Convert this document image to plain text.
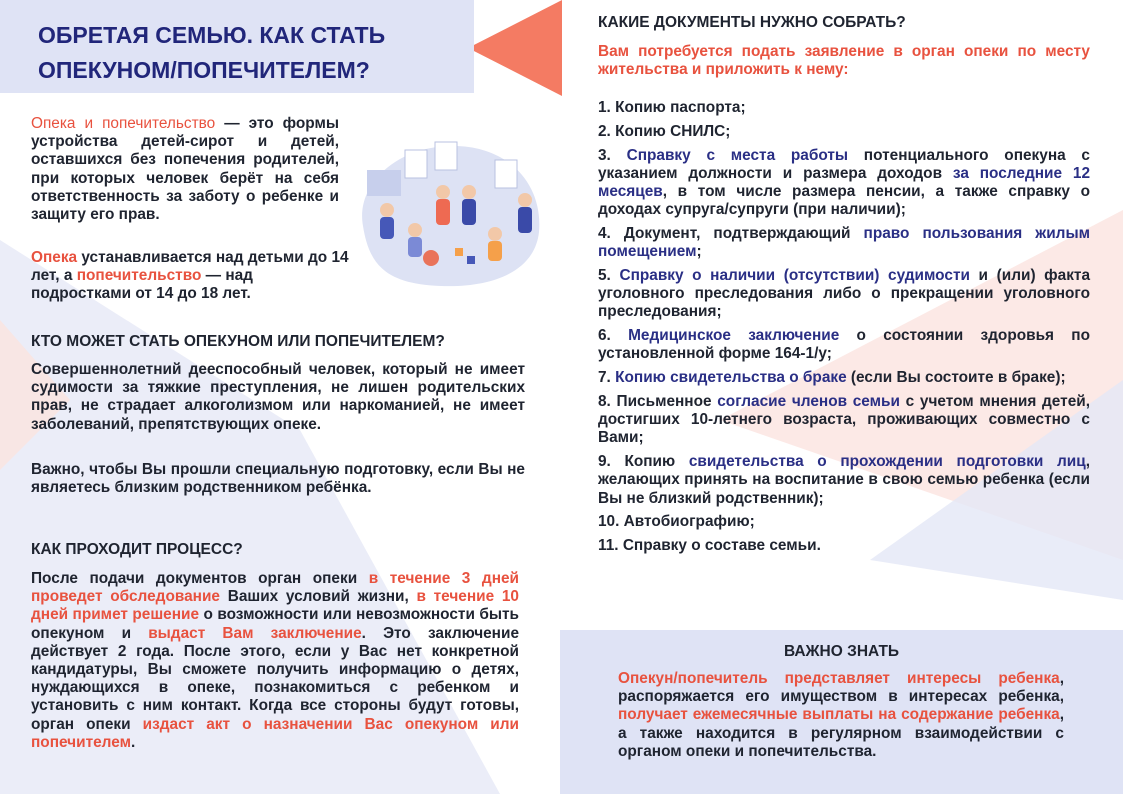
ОБРЕТАЯ СЕМЬЮ. КАК СТАТЬ
ОПЕКУНОМ/ПОПЕЧИТЕЛЕМ?

Опека и попечительство — это формы устройства детей-сирот и детей, оставшихся без попечения родителей, при которых человек берёт на себя ответственность за заботу о ребенке и защиту его прав.

Опека устанавливается над детьми до 14 лет, а попечительство — над подростками от 14 до 18 лет.

КТО МОЖЕТ СТАТЬ ОПЕКУНОМ ИЛИ ПОПЕЧИТЕЛЕМ?

Совершеннолетний дееспособный человек, который не имеет судимости за тяжкие преступления, не лишен родительских прав, не страдает алкоголизмом или наркоманией, не имеет заболеваний, препятствующих опеке.

Важно, чтобы Вы прошли специальную подготовку, если Вы не являетесь близким родственником ребёнка.

КАК ПРОХОДИТ ПРОЦЕСС?

После подачи документов орган опеки в течение 3 дней проведет обследование Ваших условий жизни, в течение 10 дней примет решение о возможности или невозможности быть опекуном и выдаст Вам заключение. Это заключение действует 2 года. После этого, если у Вас нет конкретной кандидатуры, Вы сможете получить информацию о детях, нуждающихся в опеке, познакомиться с ребенком и установить с ним контакт. Когда все стороны будут готовы, орган опеки издаст акт о назначении Вас опекуном или попечителем.

КАКИЕ ДОКУМЕНТЫ НУЖНО СОБРАТЬ?

Вам потребуется подать заявление в орган опеки по месту жительства и приложить к нему:

1. Копию паспорта;
2. Копию СНИЛС;
3. Справку с места работы потенциального опекуна с указанием должности и размера доходов за последние 12 месяцев, в том числе размера пенсии, а также справку о доходах супруга/супруги (при наличии);
4. Документ, подтверждающий право пользования жилым помещением;
5. Справку о наличии (отсутствии) судимости и (или) факта уголовного преследования либо о прекращении уголовного преследования;
6. Медицинское заключение о состоянии здоровья по установленной форме 164-1/у;
7. Копию свидетельства о браке (если Вы состоите в браке);
8. Письменное согласие членов семьи с учетом мнения детей, достигших 10-летнего возраста, проживающих совместно с Вами;
9. Копию свидетельства о прохождении подготовки лиц, желающих принять на воспитание в свою семью ребенка (если Вы не близкий родственник);
10. Автобиографию;
11. Справку о составе семьи.
ВАЖНО ЗНАТЬ

Опекун/попечитель представляет интересы ребенка, распоряжается его имуществом в интересах ребенка, получает ежемесячные выплаты на содержание ребенка, а также находится в регулярном взаимодействии с органом опеки и попечительства.
